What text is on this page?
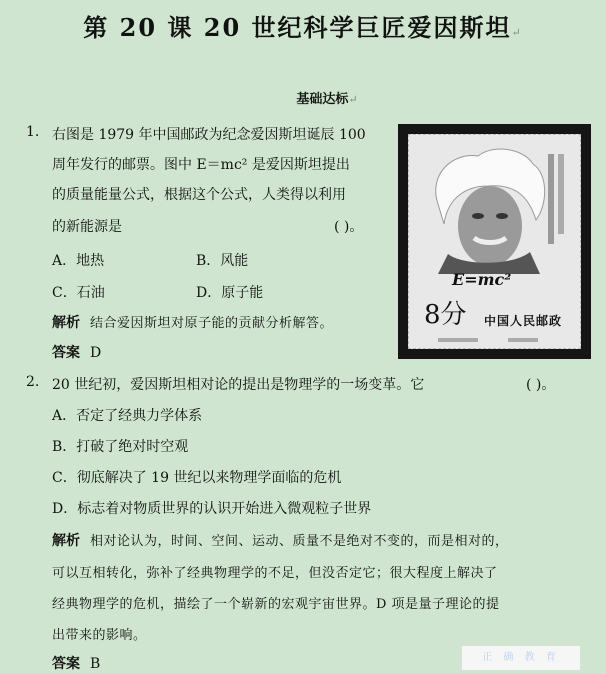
第 20 课 20 世纪科学巨匠爱因斯坦↵
基础达标↵
1. 右图是 1979 年中国邮政为纪念爱因斯坦诞辰 100
周年发行的邮票。图中 E＝mc² 是爱因斯坦提出
的质量能量公式，根据这个公式，人类得以利用
的新能源是	( )。
A．地热	B．风能
C．石油	D．原子能
解析 结合爱因斯坦对原子能的贡献分析解答。
答案 D
E=mc²
8分 中国人民邮政
2. 20 世纪初，爱因斯坦相对论的提出是物理学的一场变革。它	( )。
A．否定了经典力学体系
B．打破了绝对时空观
C．彻底解决了 19 世纪以来物理学面临的危机
D．标志着对物质世界的认识开始进入微观粒子世界
解析 相对论认为，时间、空间、运动、质量不是绝对不变的，而是相对的，
可以互相转化，弥补了经典物理学的不足，但没否定它；很大程度上解决了
经典物理学的危机，描绘了一个崭新的宏观宇宙世界。D 项是量子理论的提
出带来的影响。
答案 B	正 确 教 育
